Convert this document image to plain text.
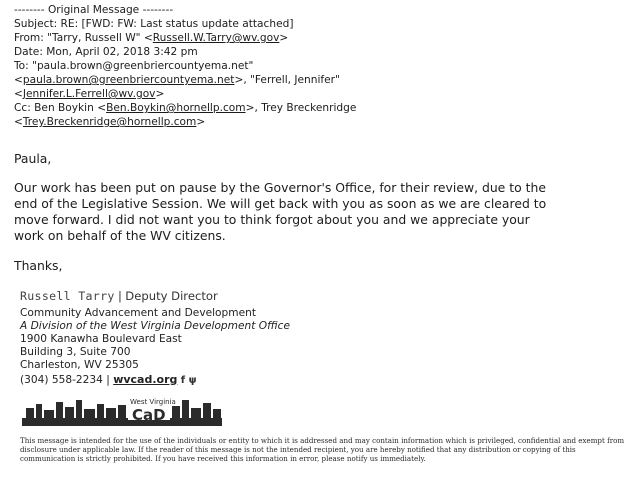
-------- Original Message --------
Subject: RE: [FWD: FW: Last status update attached]
From: "Tarry, Russell W" <Russell.W.Tarry@wv.gov>
Date: Mon, April 02, 2018 3:42 pm
To: "paula.brown@greenbriercountyema.net"
<paula.brown@greenbriercountyema.net>, "Ferrell, Jennifer"
<Jennifer.L.Ferrell@wv.gov>
Cc: Ben Boykin <Ben.Boykin@hornellp.com>, Trey Breckenridge
<Trey.Breckenridge@hornellp.com>
Paula,
Our work has been put on pause by the Governor's Office, for their review, due to the
end of the Legislative Session. We will get back with you as soon as we are cleared to
move forward. I did not want you to think forgot about you and we appreciate your
work on behalf of the WV citizens.
Thanks,
Russell Tarry | Deputy Director
Community Advancement and Development
A Division of the West Virginia Development Office
1900 Kanawha Boulevard East
Building 3, Suite 700
Charleston, WV 25305
(304) 558-2234 | wvcad.org f ψ
West Virginia
CaD
This message is intended for the use of the individuals or entity to which it is addressed and may contain information which is privileged, confidential and exempt from
disclosure under applicable law. If the reader of this message is not the intended recipient, you are hereby notified that any distribution or copying of this
communication is strictly prohibited. If you have received this information in error, please notify us immediately.
